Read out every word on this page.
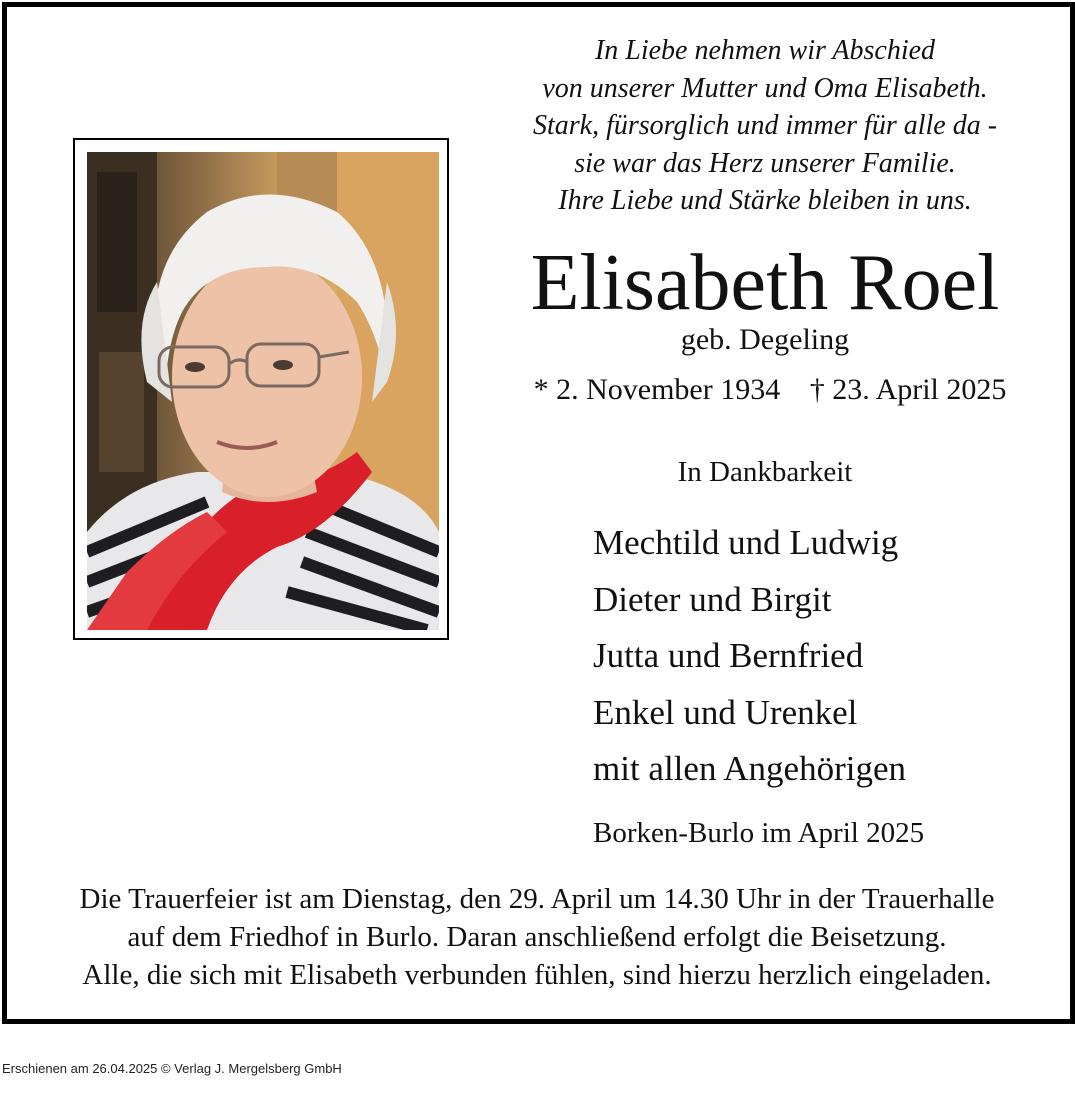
In Liebe nehmen wir Abschied
von unserer Mutter und Oma Elisabeth.
Stark, fürsorglich und immer für alle da -
sie war das Herz unserer Familie.
Ihre Liebe und Stärke bleiben in uns.
Elisabeth Roel
geb. Degeling
* 2. November 1934 † 23. April 2025
In Dankbarkeit
Mechtild und Ludwig
Dieter und Birgit
Jutta und Bernfried
Enkel und Urenkel
mit allen Angehörigen
Borken-Burlo im April 2025
Die Trauerfeier ist am Dienstag, den 29. April um 14.30 Uhr in der Trauerhalle
auf dem Friedhof in Burlo. Daran anschließend erfolgt die Beisetzung.
Alle, die sich mit Elisabeth verbunden fühlen, sind hierzu herzlich eingeladen.
Erschienen am 26.04.2025 © Verlag J. Mergelsberg GmbH
